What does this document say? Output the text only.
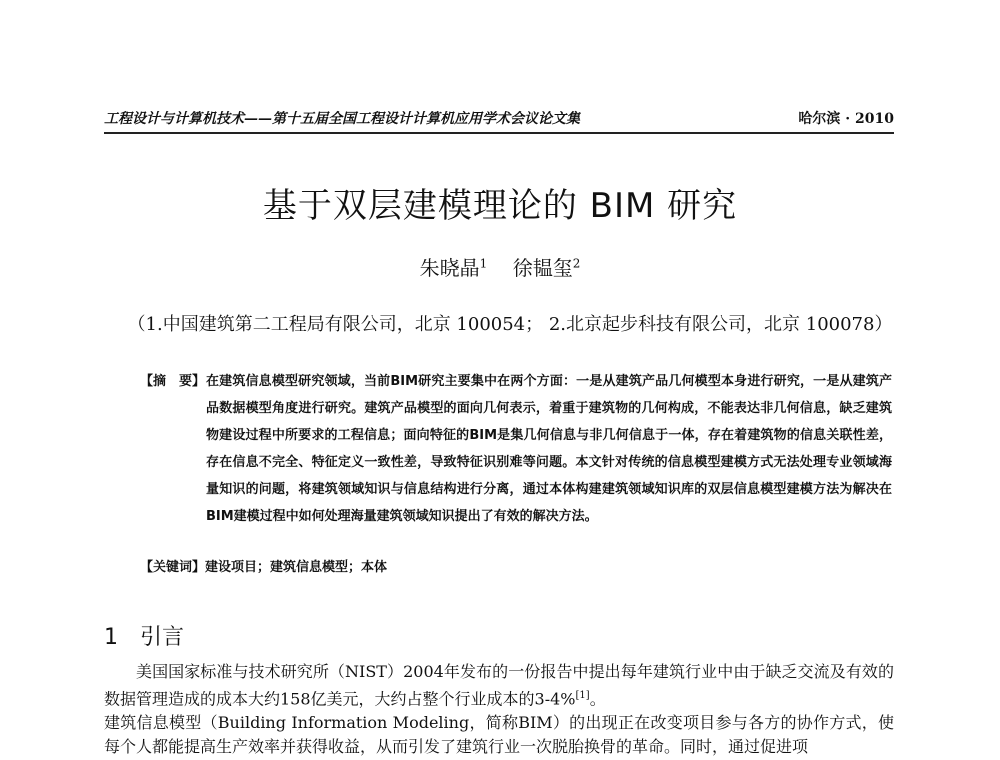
工程设计与计算机技术——第十五届全国工程设计计算机应用学术会议论文集	哈尔滨 · 2010
基于双层建模理论的 BIM 研究
朱晓晶$^1$ 徐韫玺$^2$
（1.中国建筑第二工程局有限公司，北京 100054； 2.北京起步科技有限公司，北京 100078）
【摘　要】 在建筑信息模型研究领域，当前BIM研究主要集中在两个方面：一是从建筑产品几何模型本身进行研究，一是从建筑产品数据模型角度进行研究。建筑产品模型的面向几何表示，着重于建筑物的几何构成，不能表达非几何信息，缺乏建筑物建设过程中所要求的工程信息；面向特征的BIM是集几何信息与非几何信息于一体，存在着建筑物的信息关联性差，存在信息不完全、特征定义一致性差，导致特征识别难等问题。本文针对传统的信息模型建模方式无法处理专业领域海量知识的问题，将建筑领域知识与信息结构进行分离，通过本体构建建筑领域知识库的双层信息模型建模方法为解决在BIM建模过程中如何处理海量建筑领域知识提出了有效的解决方法。
【关键词】建设项目；建筑信息模型；本体
1 引言

美国国家标准与技术研究所（NIST）2004年发布的一份报告中提出每年建筑行业中由于缺乏交流及有效的数据管理造成的成本大约158亿美元，大约占整个行业成本的3-4%[1]。

建筑信息模型（Building Information Modeling，简称BIM）的出现正在改变项目参与各方的协作方式，使每个人都能提高生产效率并获得收益，从而引发了建筑行业一次脱胎换骨的革命。同时，通过促进项
